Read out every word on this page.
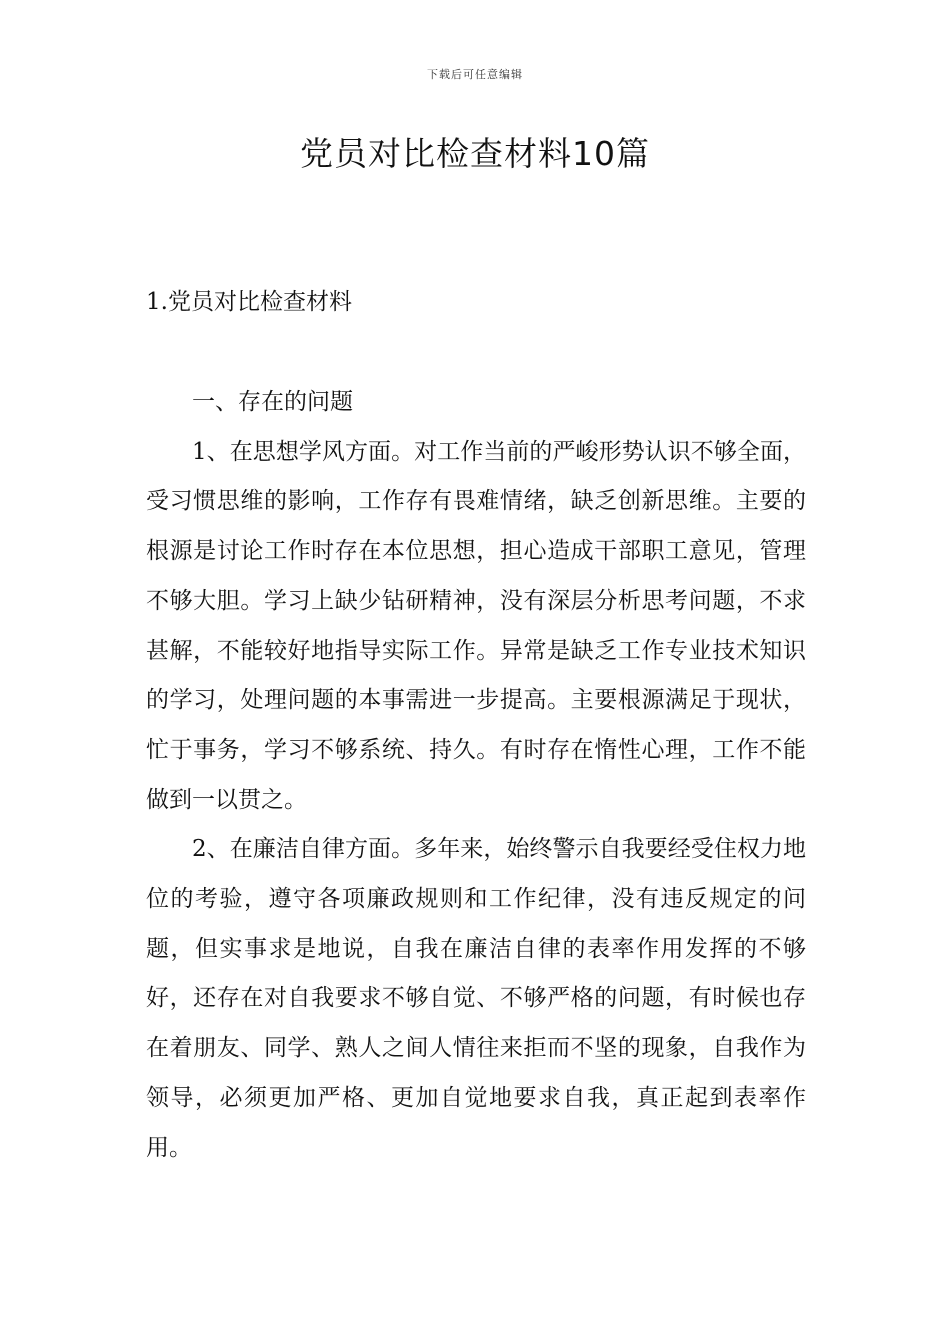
下载后可任意编辑
党员对比检查材料10篇
1.党员对比检查材料

一、存在的问题

1、在思想学风方面。对工作当前的严峻形势认识不够全面，受习惯思维的影响，工作存有畏难情绪，缺乏创新思维。主要的根源是讨论工作时存在本位思想，担心造成干部职工意见，管理不够大胆。学习上缺少钻研精神，没有深层分析思考问题，不求甚解，不能较好地指导实际工作。异常是缺乏工作专业技术知识的学习，处理问题的本事需进一步提高。主要根源满足于现状，忙于事务，学习不够系统、持久。有时存在惰性心理，工作不能做到一以贯之。

2、在廉洁自律方面。多年来，始终警示自我要经受住权力地位的考验，遵守各项廉政规则和工作纪律，没有违反规定的问题，但实事求是地说，自我在廉洁自律的表率作用发挥的不够好，还存在对自我要求不够自觉、不够严格的问题，有时候也存在着朋友、同学、熟人之间人情往来拒而不坚的现象，自我作为领导，必须更加严格、更加自觉地要求自我，真正起到表率作用。
